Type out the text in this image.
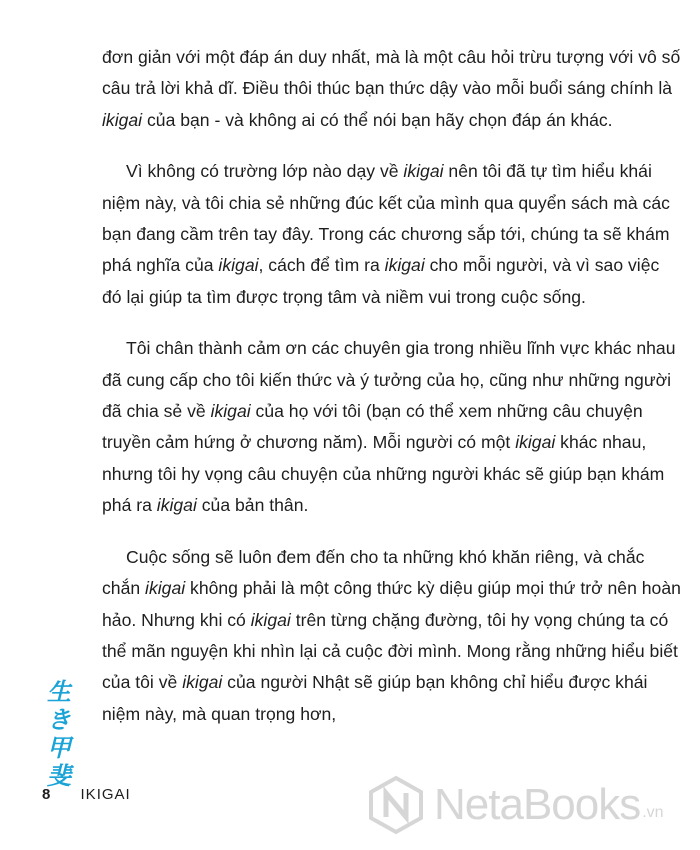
đơn giản với một đáp án duy nhất, mà là một câu hỏi trừu tượng với vô số câu trả lời khả dĩ. Điều thôi thúc bạn thức dậy vào mỗi buổi sáng chính là ikigai của bạn - và không ai có thể nói bạn hãy chọn đáp án khác.

Vì không có trường lớp nào dạy về ikigai nên tôi đã tự tìm hiểu khái niệm này, và tôi chia sẻ những đúc kết của mình qua quyển sách mà các bạn đang cầm trên tay đây. Trong các chương sắp tới, chúng ta sẽ khám phá nghĩa của ikigai, cách để tìm ra ikigai cho mỗi người, và vì sao việc đó lại giúp ta tìm được trọng tâm và niềm vui trong cuộc sống.

Tôi chân thành cảm ơn các chuyên gia trong nhiều lĩnh vực khác nhau đã cung cấp cho tôi kiến thức và ý tưởng của họ, cũng như những người đã chia sẻ về ikigai của họ với tôi (bạn có thể xem những câu chuyện truyền cảm hứng ở chương năm). Mỗi người có một ikigai khác nhau, nhưng tôi hy vọng câu chuyện của những người khác sẽ giúp bạn khám phá ra ikigai của bản thân.

Cuộc sống sẽ luôn đem đến cho ta những khó khăn riêng, và chắc chắn ikigai không phải là một công thức kỳ diệu giúp mọi thứ trở nên hoàn hảo. Nhưng khi có ikigai trên từng chặng đường, tôi hy vọng chúng ta có thể mãn nguyện khi nhìn lại cả cuộc đời mình. Mong rằng những hiểu biết của tôi về ikigai của người Nhật sẽ giúp bạn không chỉ hiểu được khái niệm này, mà quan trọng hơn,

生
き
甲
斐
8 IKIGAI	NetaBooks .vn
